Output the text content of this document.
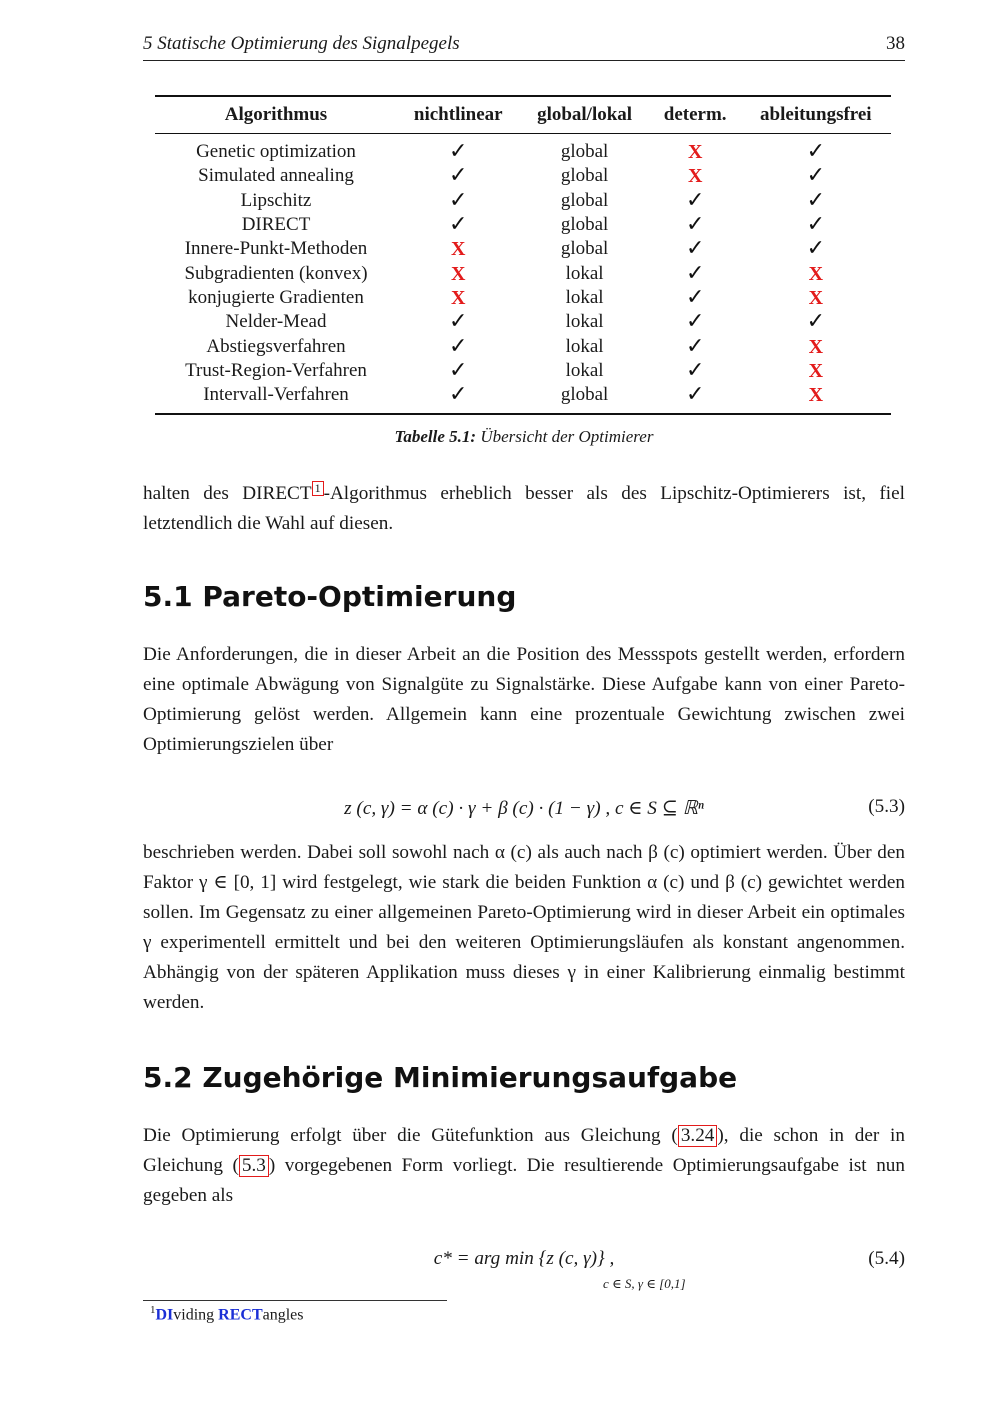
5 Statische Optimierung des Signalpegels	38
Algorithmus	nichtlinear	global/lokal	determ.	ableitungsfrei
Genetic optimization	✓	global	X	✓
Simulated annealing	✓	global	X	✓
Lipschitz	✓	global	✓	✓
DIRECT	✓	global	✓	✓
Innere-Punkt-Methoden	X	global	✓	✓
Subgradienten (konvex)	X	lokal	✓	X
konjugierte Gradienten	X	lokal	✓	X
Nelder-Mead	✓	lokal	✓	✓
Abstiegsverfahren	✓	lokal	✓	X
Trust-Region-Verfahren	✓	lokal	✓	X
Intervall-Verfahren	✓	global	✓	X
Tabelle 5.1: Übersicht der Optimierer
halten des DIRECT 1 -Algorithmus erheblich besser als des Lipschitz-Optimierers ist, fiel letztendlich die Wahl auf diesen.
5.1 Pareto-Optimierung
Die Anforderungen, die in dieser Arbeit an die Position des Messspots gestellt werden, erfordern eine optimale Abwägung von Signalgüte zu Signalstärke. Diese Aufgabe kann von einer Pareto-Optimierung gelöst werden. Allgemein kann eine prozentuale Gewichtung zwischen zwei Optimierungszielen über
z (c, γ) = α (c) · γ + β (c) · (1 − γ) , c ∈ S ⊆ ℝⁿ	(5.3)
beschrieben werden. Dabei soll sowohl nach α (c) als auch nach β (c) optimiert werden. Über den Faktor γ ∈ [0, 1] wird festgelegt, wie stark die beiden Funktion α (c) und β (c) gewichtet werden sollen. Im Gegensatz zu einer allgemeinen Pareto-Optimierung wird in dieser Arbeit ein optimales γ experimentell ermittelt und bei den weiteren Optimierungsläufen als konstant angenommen. Abhängig von der späteren Applikation muss dieses γ in einer Kalibrierung einmalig bestimmt werden.
5.2 Zugehörige Minimierungsaufgabe
Die Optimierung erfolgt über die Gütefunktion aus Gleichung ( 3.24 ), die schon in der in Gleichung ( 5.3 ) vorgegebenen Form vorliegt. Die resultierende Optimierungsaufgabe ist nun gegeben als
c* = arg min {z (c, γ)} ,
c ∈ S, γ ∈ [0,1]
(5.4)
$^1$DIviding RECTangles
